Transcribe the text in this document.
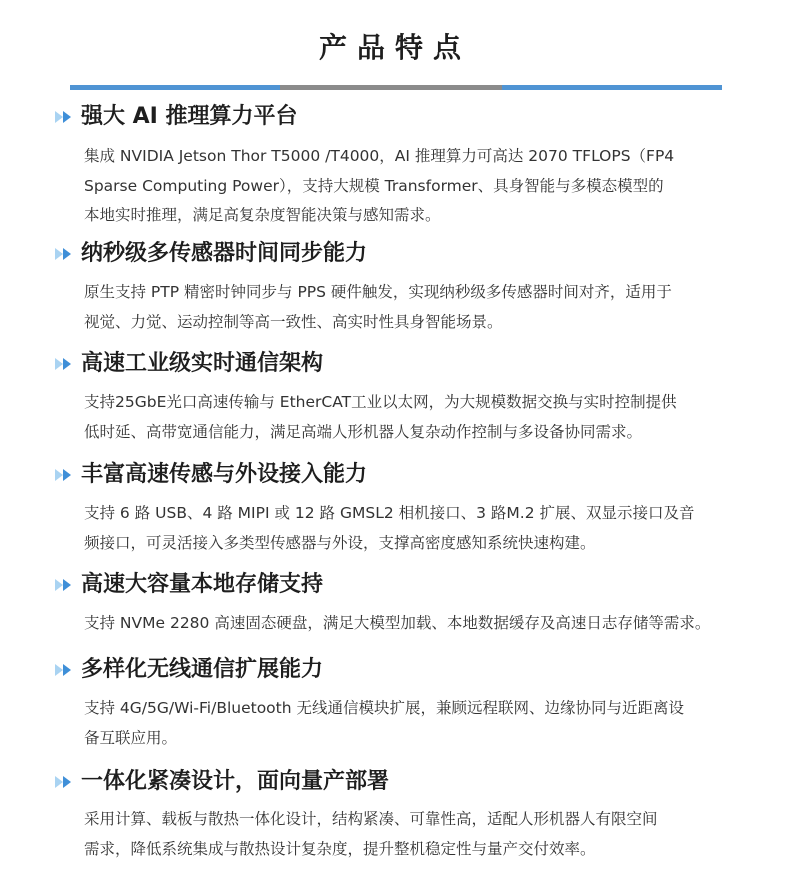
产品特点
强大 AI 推理算力平台
集成 NVIDIA Jetson Thor T5000 /T4000，AI 推理算力可高达 2070 TFLOPS（FP4
Sparse Computing Power），支持大规模 Transformer、具身智能与多模态模型的
本地实时推理，满足高复杂度智能决策与感知需求。
纳秒级多传感器时间同步能力
原生支持 PTP 精密时钟同步与 PPS 硬件触发，实现纳秒级多传感器时间对齐，适用于
视觉、力觉、运动控制等高一致性、高实时性具身智能场景。
高速工业级实时通信架构
支持25GbE光口高速传输与 EtherCAT工业以太网，为大规模数据交换与实时控制提供
低时延、高带宽通信能力，满足高端人形机器人复杂动作控制与多设备协同需求。
丰富高速传感与外设接入能力
支持 6 路 USB、4 路 MIPI 或 12 路 GMSL2 相机接口、3 路M.2 扩展、双显示接口及音
频接口，可灵活接入多类型传感器与外设，支撑高密度感知系统快速构建。
高速大容量本地存储支持
支持 NVMe 2280 高速固态硬盘，满足大模型加载、本地数据缓存及高速日志存储等需求。
多样化无线通信扩展能力
支持 4G/5G/Wi-Fi/Bluetooth 无线通信模块扩展，兼顾远程联网、边缘协同与近距离设
备互联应用。
一体化紧凑设计，面向量产部署
采用计算、载板与散热一体化设计，结构紧凑、可靠性高，适配人形机器人有限空间
需求，降低系统集成与散热设计复杂度，提升整机稳定性与量产交付效率。
